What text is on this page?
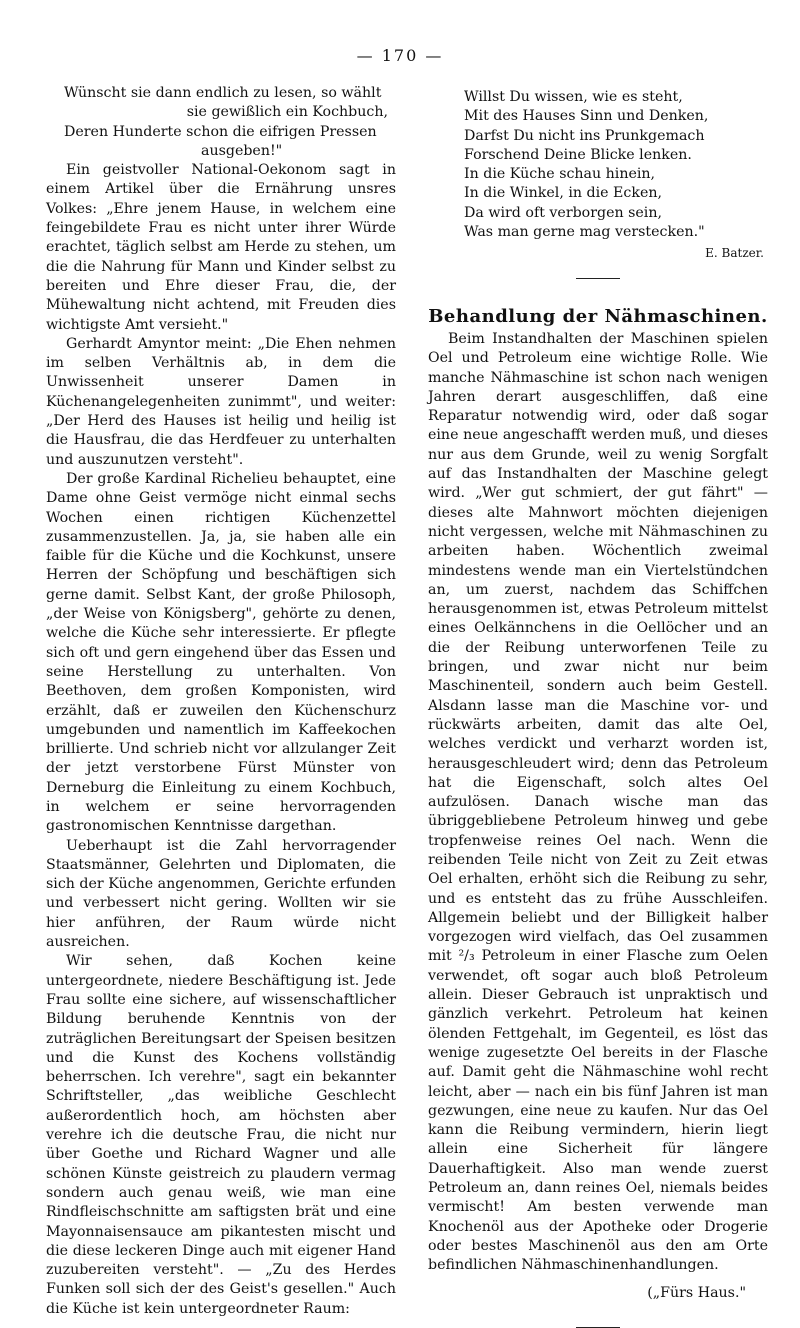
— 170 —
Wünscht sie dann endlich zu lesen, so wählt
sie gewißlich ein Kochbuch,
Deren Hunderte schon die eifrigen Pressen
ausgeben!"

Ein geistvoller National-Oekonom sagt in einem Artikel über die Ernährung unsres Volkes: „Ehre jenem Hause, in welchem eine feingebildete Frau es nicht unter ihrer Würde erachtet, täglich selbst am Herde zu stehen, um die die Nahrung für Mann und Kinder selbst zu bereiten und Ehre dieser Frau, die, der Mühewaltung nicht achtend, mit Freuden dies wichtigste Amt versieht."

Gerhardt Amyntor meint: „Die Ehen nehmen im selben Verhältnis ab, in dem die Unwissenheit unserer Damen in Küchenangelegenheiten zunimmt", und weiter: „Der Herd des Hauses ist heilig und heilig ist die Hausfrau, die das Herdfeuer zu unterhalten und auszunutzen versteht".

Der große Kardinal Richelieu behauptet, eine Dame ohne Geist vermöge nicht einmal sechs Wochen einen richtigen Küchenzettel zusammenzustellen. Ja, ja, sie haben alle ein faible für die Küche und die Kochkunst, unsere Herren der Schöpfung und beschäftigen sich gerne damit. Selbst Kant, der große Philosoph, „der Weise von Königsberg", gehörte zu denen, welche die Küche sehr interessierte. Er pflegte sich oft und gern eingehend über das Essen und seine Herstellung zu unterhalten. Von Beethoven, dem großen Komponisten, wird erzählt, daß er zuweilen den Küchenschurz umgebunden und namentlich im Kaffeekochen brillierte. Und schrieb nicht vor allzulanger Zeit der jetzt verstorbene Fürst Münster von Derneburg die Einleitung zu einem Kochbuch, in welchem er seine hervorragenden gastronomischen Kenntnisse dargethan.

Ueberhaupt ist die Zahl hervorragender Staatsmänner, Gelehrten und Diplomaten, die sich der Küche angenommen, Gerichte erfunden und verbessert nicht gering. Wollten wir sie hier anführen, der Raum würde nicht ausreichen.

Wir sehen, daß Kochen keine untergeordnete, niedere Beschäftigung ist. Jede Frau sollte eine sichere, auf wissenschaftlicher Bildung beruhende Kenntnis von der zuträglichen Bereitungsart der Speisen besitzen und die Kunst des Kochens vollständig beherrschen. Ich verehre", sagt ein bekannter Schriftsteller, „das weibliche Geschlecht außerordentlich hoch, am höchsten aber verehre ich die deutsche Frau, die nicht nur über Goethe und Richard Wagner und alle schönen Künste geistreich zu plaudern vermag sondern auch genau weiß, wie man eine Rindfleischschnitte am saftigsten brät und eine Mayonnaisensauce am pikantesten mischt und die diese leckeren Dinge auch mit eigener Hand zuzubereiten versteht". — „Zu des Herdes Funken soll sich der des Geist's gesellen." Auch die Küche ist kein untergeordneter Raum:

Willst Du wissen, wie es steht,
Mit des Hauses Sinn und Denken,
Darfst Du nicht ins Prunkgemach
Forschend Deine Blicke lenken.
In die Küche schau hinein,
In die Winkel, in die Ecken,
Da wird oft verborgen sein,
Was man gerne mag verstecken."
E. Batzer.
Behandlung der Nähmaschinen.

Beim Instandhalten der Maschinen spielen Oel und Petroleum eine wichtige Rolle. Wie manche Nähmaschine ist schon nach wenigen Jahren derart ausgeschliffen, daß eine Reparatur notwendig wird, oder daß sogar eine neue angeschafft werden muß, und dieses nur aus dem Grunde, weil zu wenig Sorgfalt auf das Instandhalten der Maschine gelegt wird. „Wer gut schmiert, der gut fährt" — dieses alte Mahnwort möchten diejenigen nicht vergessen, welche mit Nähmaschinen zu arbeiten haben. Wöchentlich zweimal mindestens wende man ein Viertelstündchen an, um zuerst, nachdem das Schiffchen herausgenommen ist, etwas Petroleum mittelst eines Oelkännchens in die Oellöcher und an die der Reibung unterworfenen Teile zu bringen, und zwar nicht nur beim Maschinenteil, sondern auch beim Gestell. Alsdann lasse man die Maschine vor- und rückwärts arbeiten, damit das alte Oel, welches verdickt und verharzt worden ist, herausgeschleudert wird; denn das Petroleum hat die Eigenschaft, solch altes Oel aufzulösen. Danach wische man das übriggebliebene Petroleum hinweg und gebe tropfenweise reines Oel nach. Wenn die reibenden Teile nicht von Zeit zu Zeit etwas Oel erhalten, erhöht sich die Reibung zu sehr, und es entsteht das zu frühe Ausschleifen. Allgemein beliebt und der Billigkeit halber vorgezogen wird vielfach, das Oel zusammen mit ²/₃ Petroleum in einer Flasche zum Oelen verwendet, oft sogar auch bloß Petroleum allein. Dieser Gebrauch ist unpraktisch und gänzlich verkehrt. Petroleum hat keinen ölenden Fettgehalt, im Gegenteil, es löst das wenige zugesetzte Oel bereits in der Flasche auf. Damit geht die Nähmaschine wohl recht leicht, aber — nach ein bis fünf Jahren ist man gezwungen, eine neue zu kaufen. Nur das Oel kann die Reibung vermindern, hierin liegt allein eine Sicherheit für längere Dauerhaftigkeit. Also man wende zuerst Petroleum an, dann reines Oel, niemals beides vermischt! Am besten verwende man Knochenöl aus der Apotheke oder Drogerie oder bestes Maschinenöl aus den am Orte befindlichen Nähmaschinenhandlungen.

(„Fürs Haus."
